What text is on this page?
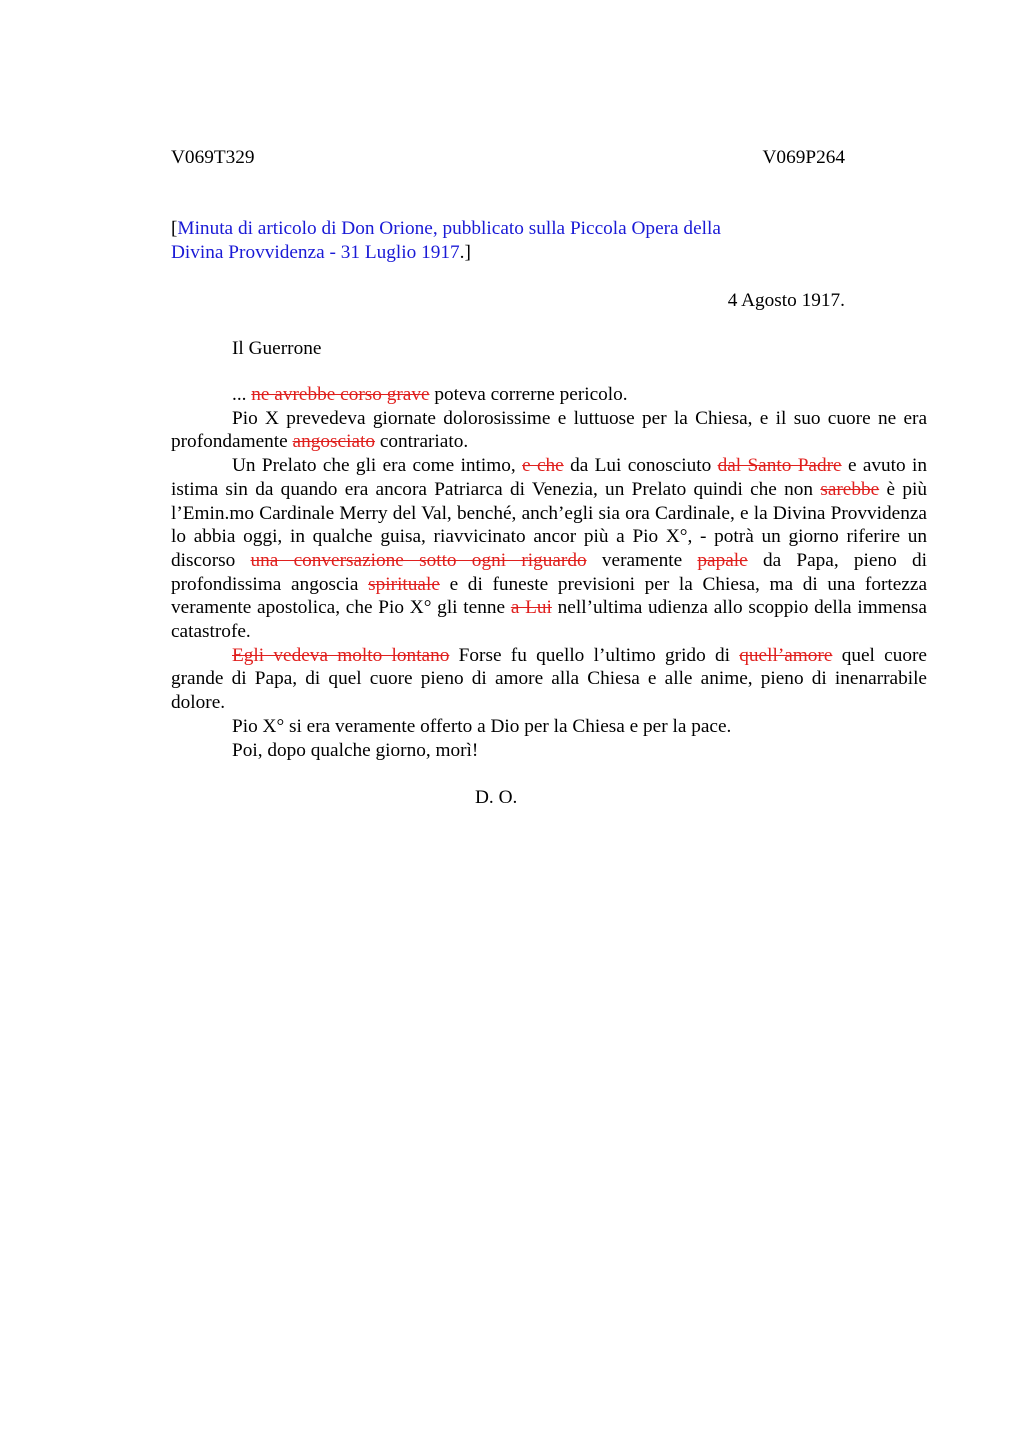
V069T329	V069P264
[Minuta di articolo di Don Orione, pubblicato sulla Piccola Opera della
Divina Provvidenza - 31 Luglio 1917.]
4 Agosto 1917.
Il Guerrone

... ne avrebbe corso grave poteva correrne pericolo.

Pio X prevedeva giornate dolorosissime e luttuose per la Chiesa, e il suo cuore ne era profondamente angosciato contrariato.

Un Prelato che gli era come intimo, e che da Lui conosciuto dal Santo Padre e avuto in istima sin da quando era ancora Patriarca di Venezia, un Prelato quindi che non sarebbe è più l’Emin.mo Cardinale Merry del Val, benché, anch’egli sia ora Cardinale, e la Divina Provvidenza lo abbia oggi, in qualche guisa, riavvicinato ancor più a Pio X°, - potrà un giorno riferire un discorso una conversazione sotto ogni riguardo veramente papale da Papa, pieno di profondissima angoscia spirituale e di funeste previsioni per la Chiesa, ma di una fortezza veramente apostolica, che Pio X° gli tenne a Lui nell’ultima udienza allo scoppio della immensa catastrofe.

Egli vedeva molto lontano Forse fu quello l’ultimo grido di quell’amore quel cuore grande di Papa, di quel cuore pieno di amore alla Chiesa e alle anime, pieno di inenarrabile dolore.

Pio X° si era veramente offerto a Dio per la Chiesa e per la pace.

Poi, dopo qualche giorno, morì!

D. O.
